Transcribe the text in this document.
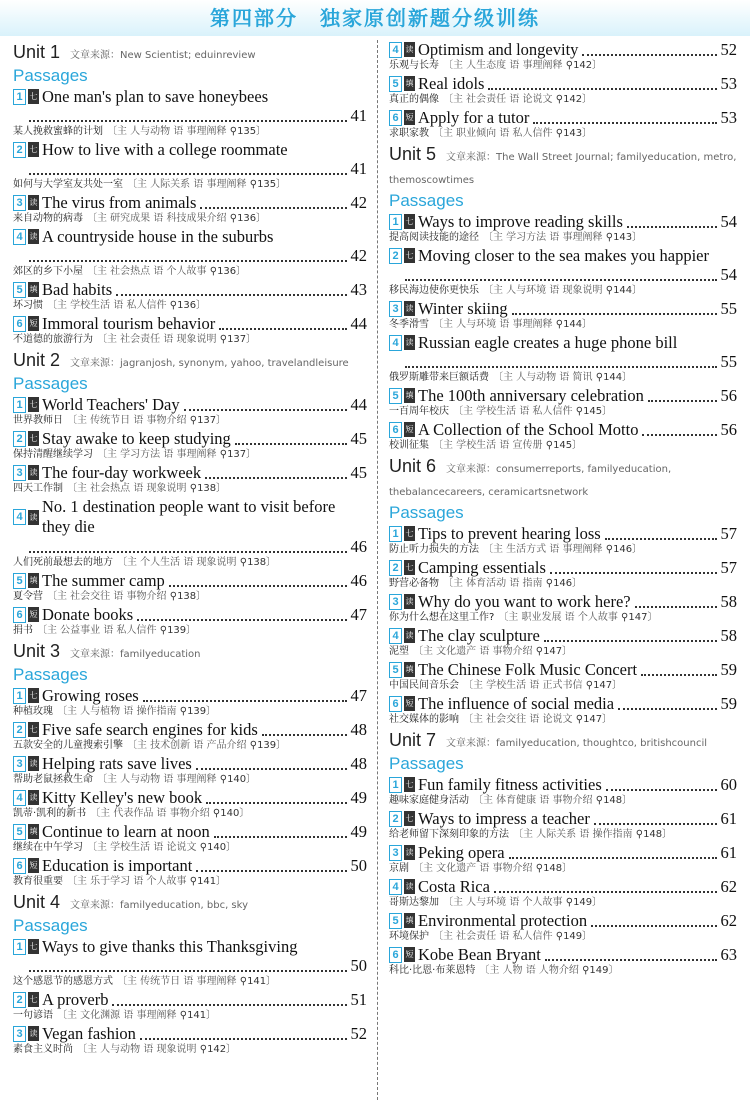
第四部分　独家原创新题分级训练
Unit 1 文章来源：New Scientist; eduinreview
Passages
1 七 One man's plan to save honeybees
41
某人挽救蜜蜂的计划 〔主 人与动物 语 事理阐释 ⚲135〕
2 七 How to live with a college roommate
41
如何与大学室友共处一室 〔主 人际关系 语 事理阐释 ⚲135〕
3 读 The virus from animals	42
来自动物的病毒 〔主 研究成果 语 科技成果介绍 ⚲136〕
4 读 A countryside house in the suburbs
42
郊区的乡下小屋 〔主 社会热点 语 个人故事 ⚲136〕
5 填 Bad habits	43
坏习惯 〔主 学校生活 语 私人信件 ⚲136〕
6 短 Immoral tourism behavior	44
不道德的旅游行为 〔主 社会责任 语 现象说明 ⚲137〕
Unit 2 文章来源：jagranjosh, synonym, yahoo, travelandleisure
Passages
1 七 World Teachers' Day	44
世界教师日 〔主 传统节日 语 事物介绍 ⚲137〕
2 七 Stay awake to keep studying	45
保持清醒继续学习 〔主 学习方法 语 事理阐释 ⚲137〕
3 读 The four-day workweek	45
四天工作制 〔主 社会热点 语 现象说明 ⚲138〕
4 读
No. 1 destination people want to visit before they die
46
人们死前最想去的地方 〔主 个人生活 语 现象说明 ⚲138〕
5 填 The summer camp	46
夏令营 〔主 社会交往 语 事物介绍 ⚲138〕
6 短 Donate books	47
捐书 〔主 公益事业 语 私人信件 ⚲139〕
Unit 3 文章来源：familyeducation
Passages
1 七 Growing roses	47
种植玫瑰 〔主 人与植物 语 操作指南 ⚲139〕
2 七 Five safe search engines for kids	48
五款安全的儿童搜索引擎 〔主 技术创新 语 产品介绍 ⚲139〕
3 读 Helping rats save lives	48
帮助老鼠拯救生命 〔主 人与动物 语 事理阐释 ⚲140〕
4 读 Kitty Kelley's new book	49
凯蒂·凯利的新书 〔主 代表作品 语 事物介绍 ⚲140〕
5 填 Continue to learn at noon	49
继续在中午学习 〔主 学校生活 语 论说文 ⚲140〕
6 短 Education is important	50
教育很重要 〔主 乐于学习 语 个人故事 ⚲141〕
Unit 4 文章来源：familyeducation, bbc, sky
Passages
1 七 Ways to give thanks this Thanksgiving
50
这个感恩节的感恩方式 〔主 传统节日 语 事理阐释 ⚲141〕
2 七 A proverb	51
一句谚语 〔主 文化渊源 语 事理阐释 ⚲141〕
3 读 Vegan fashion	52
素食主义时尚 〔主 人与动物 语 现象说明 ⚲142〕
4 读 Optimism and longevity	52
乐观与长寿 〔主 人生态度 语 事理阐释 ⚲142〕
5 填 Real idols	53
真正的偶像 〔主 社会责任 语 论说文 ⚲142〕
6 短 Apply for a tutor	53
求职家教 〔主 职业倾向 语 私人信件 ⚲143〕
Unit 5 文章来源：The Wall Street Journal; familyeducation, metro, themoscowtimes
Passages
1 七 Ways to improve reading skills	54
提高阅读技能的途径 〔主 学习方法 语 事理阐释 ⚲143〕
2 七 Moving closer to the sea makes you happier
54
移民海边使你更快乐 〔主 人与环境 语 现象说明 ⚲144〕
3 读 Winter skiing	55
冬季滑雪 〔主 人与环境 语 事理阐释 ⚲144〕
4 读 Russian eagle creates a huge phone bill
55
俄罗斯雕带来巨额话费 〔主 人与动物 语 简讯 ⚲144〕
5 填 The 100th anniversary celebration	56
一百周年校庆 〔主 学校生活 语 私人信件 ⚲145〕
6 短 A Collection of the School Motto	56
校训征集 〔主 学校生活 语 宣传册 ⚲145〕
Unit 6 文章来源：consumerreports, familyeducation, thebalancecareers, ceramicartsnetwork
Passages
1 七 Tips to prevent hearing loss	57
防止听力损失的方法 〔主 生活方式 语 事理阐释 ⚲146〕
2 七 Camping essentials	57
野营必备物 〔主 体育活动 语 指南 ⚲146〕
3 读 Why do you want to work here?	58
你为什么想在这里工作? 〔主 职业发展 语 个人故事 ⚲147〕
4 读 The clay sculpture	58
泥塑 〔主 文化遗产 语 事物介绍 ⚲147〕
5 填 The Chinese Folk Music Concert	59
中国民间音乐会 〔主 学校生活 语 正式书信 ⚲147〕
6 短 The influence of social media	59
社交媒体的影响 〔主 社会交往 语 论说文 ⚲147〕
Unit 7 文章来源：familyeducation, thoughtco, britishcouncil
Passages
1 七 Fun family fitness activities	60
趣味家庭健身活动 〔主 体育健康 语 事物介绍 ⚲148〕
2 七 Ways to impress a teacher	61
给老师留下深刻印象的方法 〔主 人际关系 语 操作指南 ⚲148〕
3 读 Peking opera	61
京剧 〔主 文化遗产 语 事物介绍 ⚲148〕
4 读 Costa Rica	62
哥斯达黎加 〔主 人与环境 语 个人故事 ⚲149〕
5 填 Environmental protection	62
环境保护 〔主 社会责任 语 私人信件 ⚲149〕
6 短 Kobe Bean Bryant	63
科比·比恩·布莱恩特 〔主 人物 语 人物介绍 ⚲149〕
